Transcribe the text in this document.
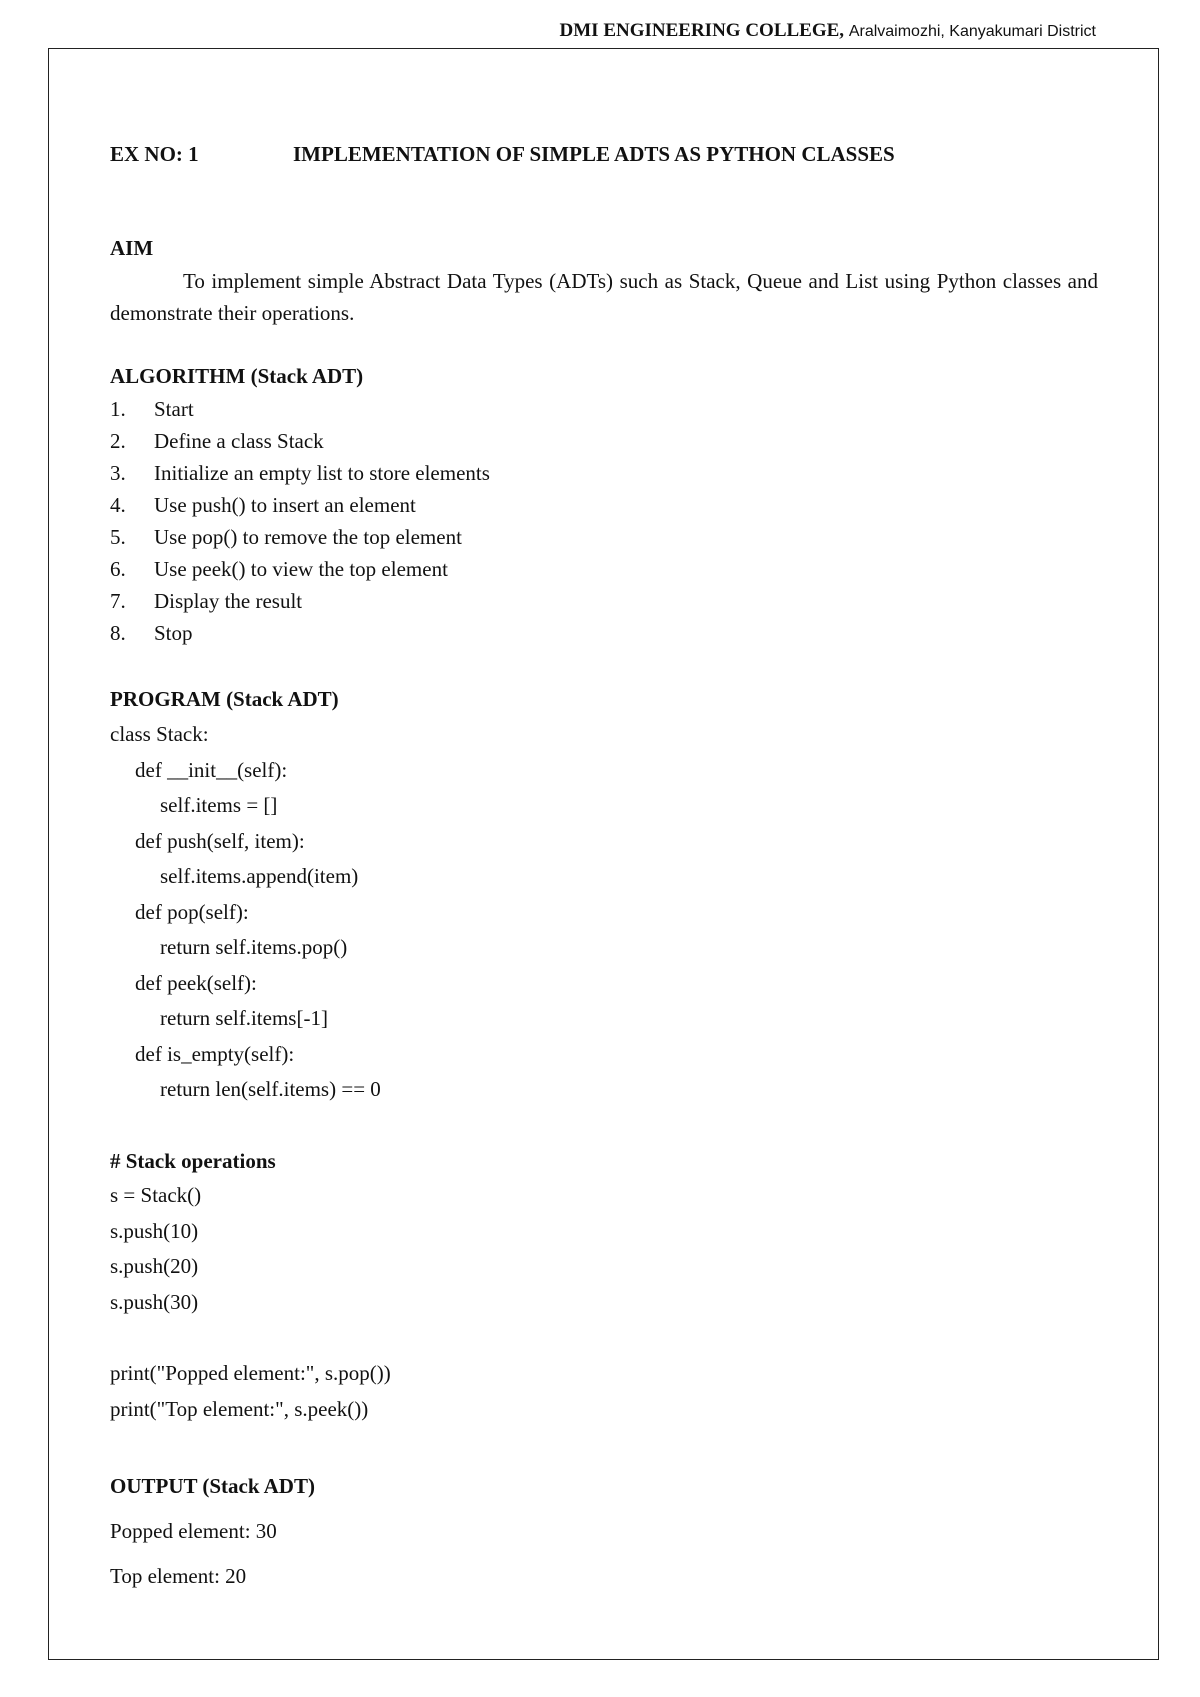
DMI ENGINEERING COLLEGE, Aralvaimozhi, Kanyakumari District
EX NO: 1	IMPLEMENTATION OF SIMPLE ADTS AS PYTHON CLASSES
AIM
To implement simple Abstract Data Types (ADTs) such as Stack, Queue and List using Python classes and demonstrate their operations.
ALGORITHM (Stack ADT)
1. Start
2. Define a class Stack
3. Initialize an empty list to store elements
4. Use push() to insert an element
5. Use pop() to remove the top element
6. Use peek() to view the top element
7. Display the result
8. Stop
PROGRAM (Stack ADT)
class Stack:
def __init__(self):
self.items = []
def push(self, item):
self.items.append(item)
def pop(self):
return self.items.pop()
def peek(self):
return self.items[-1]
def is_empty(self):
return len(self.items) == 0
# Stack operations
s = Stack()
s.push(10)
s.push(20)
s.push(30)
print("Popped element:", s.pop())
print("Top element:", s.peek())
OUTPUT (Stack ADT)
Popped element: 30
Top element: 20
